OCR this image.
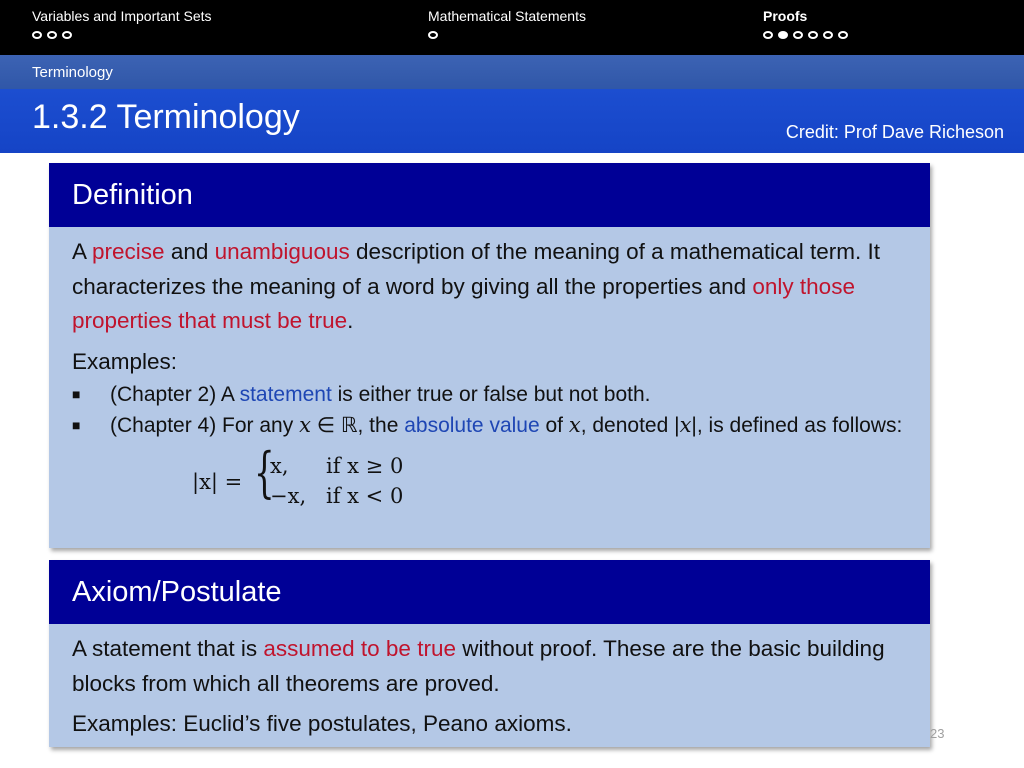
Variables and Important Sets	Mathematical Statements	Proofs
Terminology
1.3.2 Terminology	Credit: Prof Dave Richeson
Definition
A precise and unambiguous description of the meaning of a mathematical term. It characterizes the meaning of a word by giving all the properties and only those properties that must be true.
Examples:
■ (Chapter 2) A statement is either true or false but not both.
■ (Chapter 4) For any x ∈ ℝ, the absolute value of x, denoted |x|, is defined as follows:
|x| = {
x, if x ≥ 0
−x, if x < 0
Axiom/Postulate
A statement that is assumed to be true without proof. These are the basic building blocks from which all theorems are proved.
Examples: Euclid’s five postulates, Peano axioms.	23
